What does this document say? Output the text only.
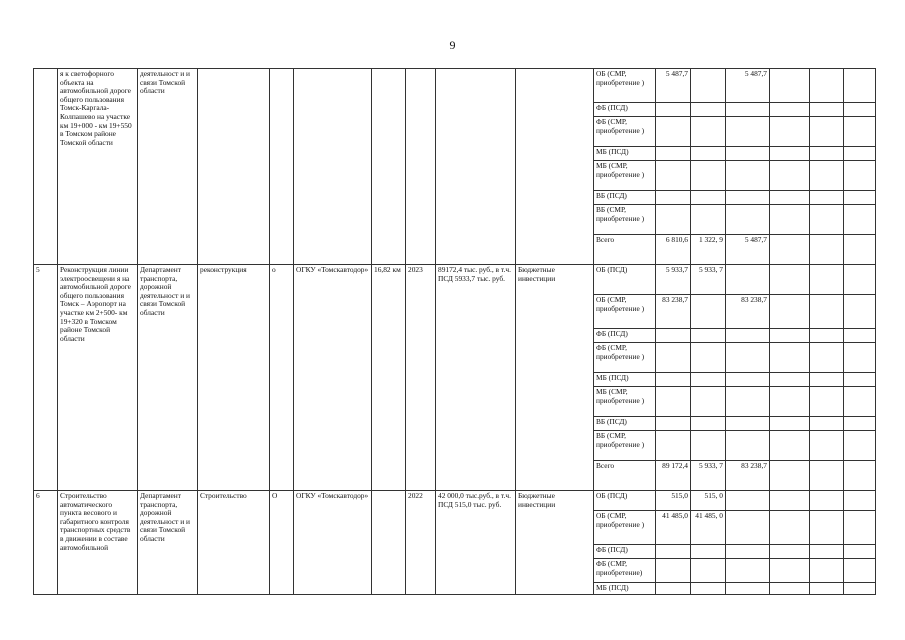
9
	я к светофорного объекта на автомобильной дороге общего пользования Томск-Каргала-Колпашево на участке км 19+000 - км 19+550 в Томском районе Томской области	деятельност и и связи Томской области								ОБ (СМР, приобретение )	5 487,7		5 487,7			
										ФБ (ПСД)						
										ФБ (СМР, приобретение )						
										МБ (ПСД)						
										МБ (СМР, приобретение )						
										ВБ (ПСД)						
										ВБ (СМР, приобретение )						
										Всего	6 810,6	1 322, 9	5 487,7			
5	Реконструкция линии электроосвещени я на автомобильной дороге общего пользования Томск – Аэропорт на участке км 2+500- км 19+320 в Томском районе Томской области	Департамент транспорта, дорожной деятельност и и связи Томской области	реконструкция	о	ОГКУ «Томскавтодор»	16,82 км	2023	89172,4 тыс. руб., в т.ч. ПСД 5933,7 тыс. руб.	Бюджетные инвестиции	ОБ (ПСД)	5 933,7	5 933, 7				
										ОБ (СМР, приобретение )	83 238,7		83 238,7			
										ФБ (ПСД)						
										ФБ (СМР, приобретение )						
										МБ (ПСД)						
										МБ (СМР, приобретение )						
										ВБ (ПСД)						
										ВБ (СМР, приобретение )						
										Всего	89 172,4	5 933, 7	83 238,7			
6	Строительство автоматического пункта весового и габаритного контроля транспортных средств в движении в составе автомобильной	Департамент транспорта, дорожной деятельност и и связи Томской области	Строительство	О	ОГКУ «Томскавтодор»		2022	42 000,0 тыс.руб., в т.ч. ПСД 515,0 тыс. руб.	Бюджетные инвестиции	ОБ (ПСД)	515,0	515, 0				
										ОБ (СМР, приобретение )	41 485,0	41 485, 0				
										ФБ (ПСД)						
										ФБ (СМР, приобретение)						
										МБ (ПСД)						
